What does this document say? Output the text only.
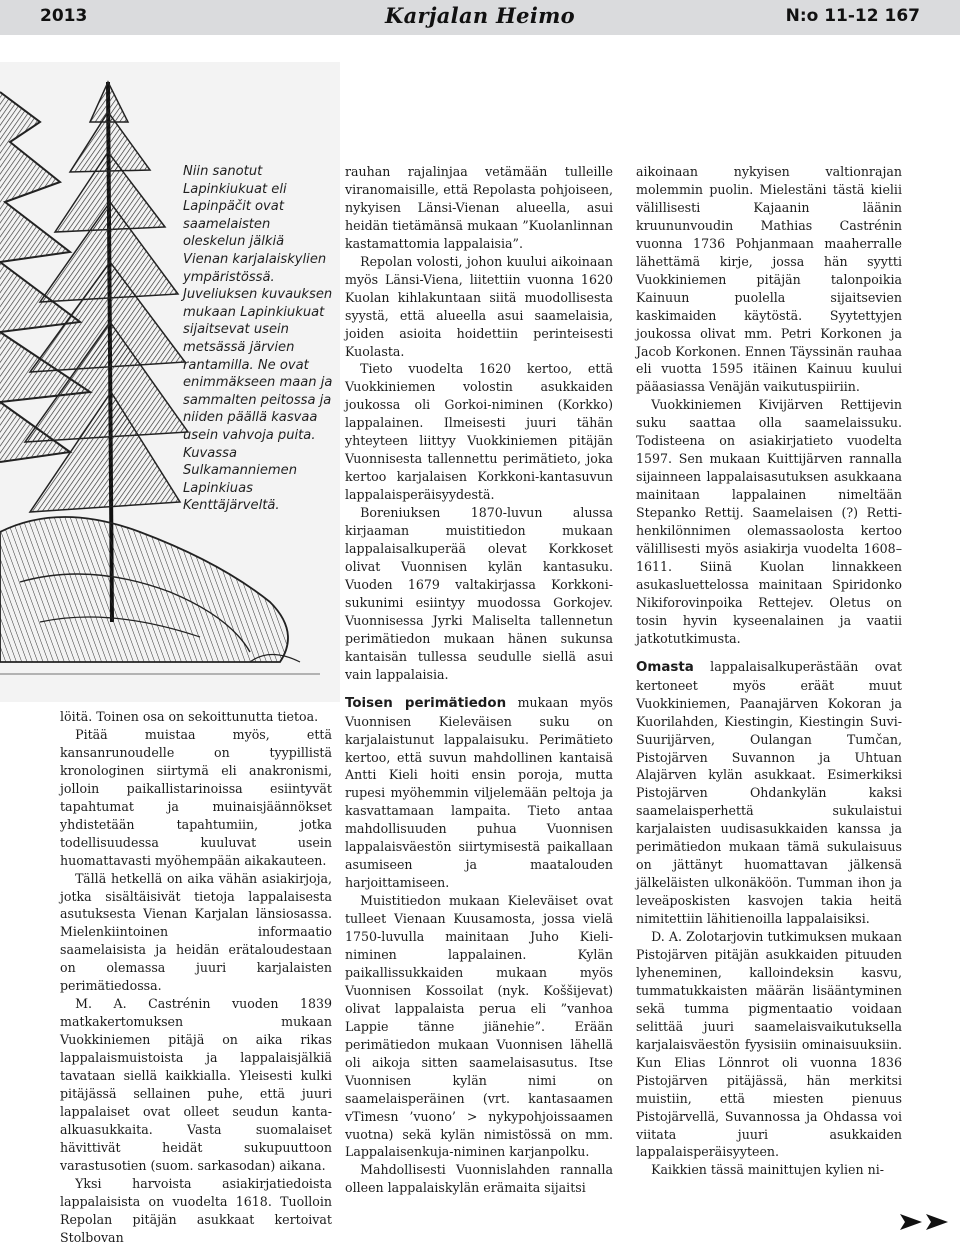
2013	Karjalan Heimo	N:o 11-12 167
Niin sanotut Lapinkiukuat eli Lapinpäčit ovat saamelaisten oleskelun jälkiä Vienan karjalaiskylien ympäristössä. Juveliuksen kuvauksen mukaan Lapinkiukuat sijaitsevat usein metsässä järvien rantamilla. Ne ovat enimmäkseen maan ja sammalten peitossa ja niiden päällä kasvaa usein vahvoja puita. Kuvassa Sulkamanniemen Lapinkiuas Kenttäjärveltä.

löitä. Toinen osa on sekoittunutta tietoa.

Pitää muistaa myös, että kansanrunoudelle on tyypillistä kronologinen siirtymä eli anakronismi, jolloin paikallistarinoissa esiintyvät tapahtumat ja muinaisjäännökset yhdistetään tapahtumiin, jotka todellisuudessa kuuluvat usein huomattavasti myöhempään aikakauteen.

Tällä hetkellä on aika vähän asiakirjoja, jotka sisältäisivät tietoja lappalaisesta asutuksesta Vienan Karjalan länsiosassa. Mielenkiintoinen informaatio saamelaisista ja heidän erätaloudestaan on olemassa juuri karjalaisten perimätiedossa.

M. A. Castrénin vuoden 1839 matkakertomuksen mukaan Vuokkiniemen pitäjä on aika rikas lappalaismuistoista ja lappalaisjälkiä tavataan siellä kaikkialla. Yleisesti kulki pitäjässä sellainen puhe, että juuri lappalaiset ovat olleet seudun kanta-alkuasukkaita. Vasta suomalaiset hävittivät heidät sukupuuttoon varastusotien (suom. sarkasodan) aikana.

Yksi harvoista asiakirjatiedoista lappalaisista on vuodelta 1618. Tuolloin Repolan pitäjän asukkaat kertoivat Stolbovan

rauhan rajalinjaa vetämään tulleille viranomaisille, että Repolasta pohjoiseen, nykyisen Länsi-Vienan alueella, asui heidän tietämänsä mukaan ”Kuolanlinnan kastamattomia lappalaisia”.

Repolan volosti, johon kuului aikoinaan myös Länsi-Viena, liitettiin vuonna 1620 Kuolan kihlakuntaan siitä muodollisesta syystä, että alueella asui saamelaisia, joiden asioita hoidettiin perinteisesti Kuolasta.

Tieto vuodelta 1620 kertoo, että Vuokkiniemen volostin asukkaiden joukossa oli Gorkoi-niminen (Korkko) lappalainen. Ilmeisesti juuri tähän yhteyteen liittyy Vuokkiniemen pitäjän Vuonnisesta tallennettu perimätieto, joka kertoo karjalaisen Korkkoni-kantasuvun lappalaisperäisyydestä.

Boreniuksen 1870-luvun alussa kirjaaman muistitiedon mukaan lappalaisalkuperää olevat Korkkoset olivat Vuonnisen kylän kantasuku. Vuoden 1679 valtakirjassa Korkkoni-sukunimi esiintyy muodossa Gorkojev. Vuonnisessa Jyrki Maliselta tallennetun perimätiedon mukaan hänen sukunsa kantaisän tullessa seudulle siellä asui vain lappalaisia.

Toisen perimätiedon mukaan myös Vuonnisen Kieleväisen suku on karjalaistunut lappalaisuku. Perimätieto kertoo, että suvun mahdollinen kantaisä Antti Kieli hoiti ensin poroja, mutta rupesi myöhemmin viljelemään peltoja ja kasvattamaan lampaita. Tieto antaa mahdollisuuden puhua Vuonnisen lappalaisväestön siirtymisestä paikallaan asumiseen ja maatalouden harjoittamiseen.

Muistitiedon mukaan Kieleväiset ovat tulleet Vienaan Kuusamosta, jossa vielä 1750-luvulla mainitaan Juho Kieli-niminen lappalainen. Kylän paikallissukkaiden mukaan myös Vuonnisen Kossoilat (nyk. Koššijevat) olivat lappalaista perua eli ”vanhoa Lappie tänne jiänehie”. Erään perimätiedon mukaan Vuonnisen lähellä oli aikoja sitten saamelaisasutus. Itse Vuonnisen kylän nimi on saamelaisperäinen (vrt. kantasaamen vTimesn ’vuono’ > nykypohjoissaamen vuotna) sekä kylän nimistössä on mm. Lappalaisenkuja-niminen karjanpolku.

Mahdollisesti Vuonnislahden rannalla olleen lappalaiskylän erämaita sijaitsi

aikoinaan nykyisen valtionrajan molemmin puolin. Mielestäni tästä kielii välillisesti Kajaanin läänin kruununvoudin Mathias Castrénin vuonna 1736 Pohjanmaan maaherralle lähettämä kirje, jossa hän syytti Vuokkiniemen pitäjän talonpoikia Kainuun puolella sijaitsevien kaskimaiden käytöstä. Syytettyjen joukossa olivat mm. Petri Korkonen ja Jacob Korkonen. Ennen Täyssinän rauhaa eli vuotta 1595 itäinen Kainuu kuului pääasiassa Venäjän vaikutuspiiriin.

Vuokkiniemen Kivijärven Rettijevin suku saattaa olla saamelaissuku. Todisteena on asiakirjatieto vuodelta 1597. Sen mukaan Kuittijärven rannalla sijainneen lappalaisasutuksen asukkaana mainitaan lappalainen nimeltään Stepanko Rettij. Saamelaisen (?) Retti-henkilönnimen olemassaolosta kertoo välillisesti myös asiakirja vuodelta 1608–1611. Siinä Kuolan linnakkeen asukasluettelossa mainitaan Spiridonko Nikiforovinpoika Rettejev. Oletus on tosin hyvin kyseenalainen ja vaatii jatkotutkimusta.

Omasta lappalaisalkuperästään ovat kertoneet myös eräät muut Vuokkiniemen, Paanajärven Kokoran ja Kuorilahden, Kiestingin, Kiestingin Suvi-Suurijärven, Oulangan Tumčan, Pistojärven Suvannon ja Uhtuan Alajärven kylän asukkaat. Esimerkiksi Pistojärven Ohdankylän kaksi saamelaisperhettä sukulaistui karjalaisten uudisasukkaiden kanssa ja perimätiedon mukaan tämä sukulaisuus on jättänyt huomattavan jälkensä jälkeläisten ulkonäköön. Tumman ihon ja leveäposkisten kasvojen takia heitä nimitettiin lähitienoilla lappalaisiksi.

D. A. Zolotarjovin tutkimuksen mukaan Pistojärven pitäjän asukkaiden pituuden lyheneminen, kalloindeksin kasvu, tummatukkaisten määrän lisääntyminen sekä tumma pigmentaatio voidaan selittää juuri saamelaisvaikutuksella karjalaisväestön fyysisiin ominaisuuksiin. Kun Elias Lönnrot oli vuonna 1836 Pistojärven pitäjässä, hän merkitsi muistiin, että miesten pienuus Pistojärvellä, Suvannossa ja Ohdassa voi viitata juuri asukkaiden lappalaisperäisyyteen.

Kaikkien tässä mainittujen kylien ni-
